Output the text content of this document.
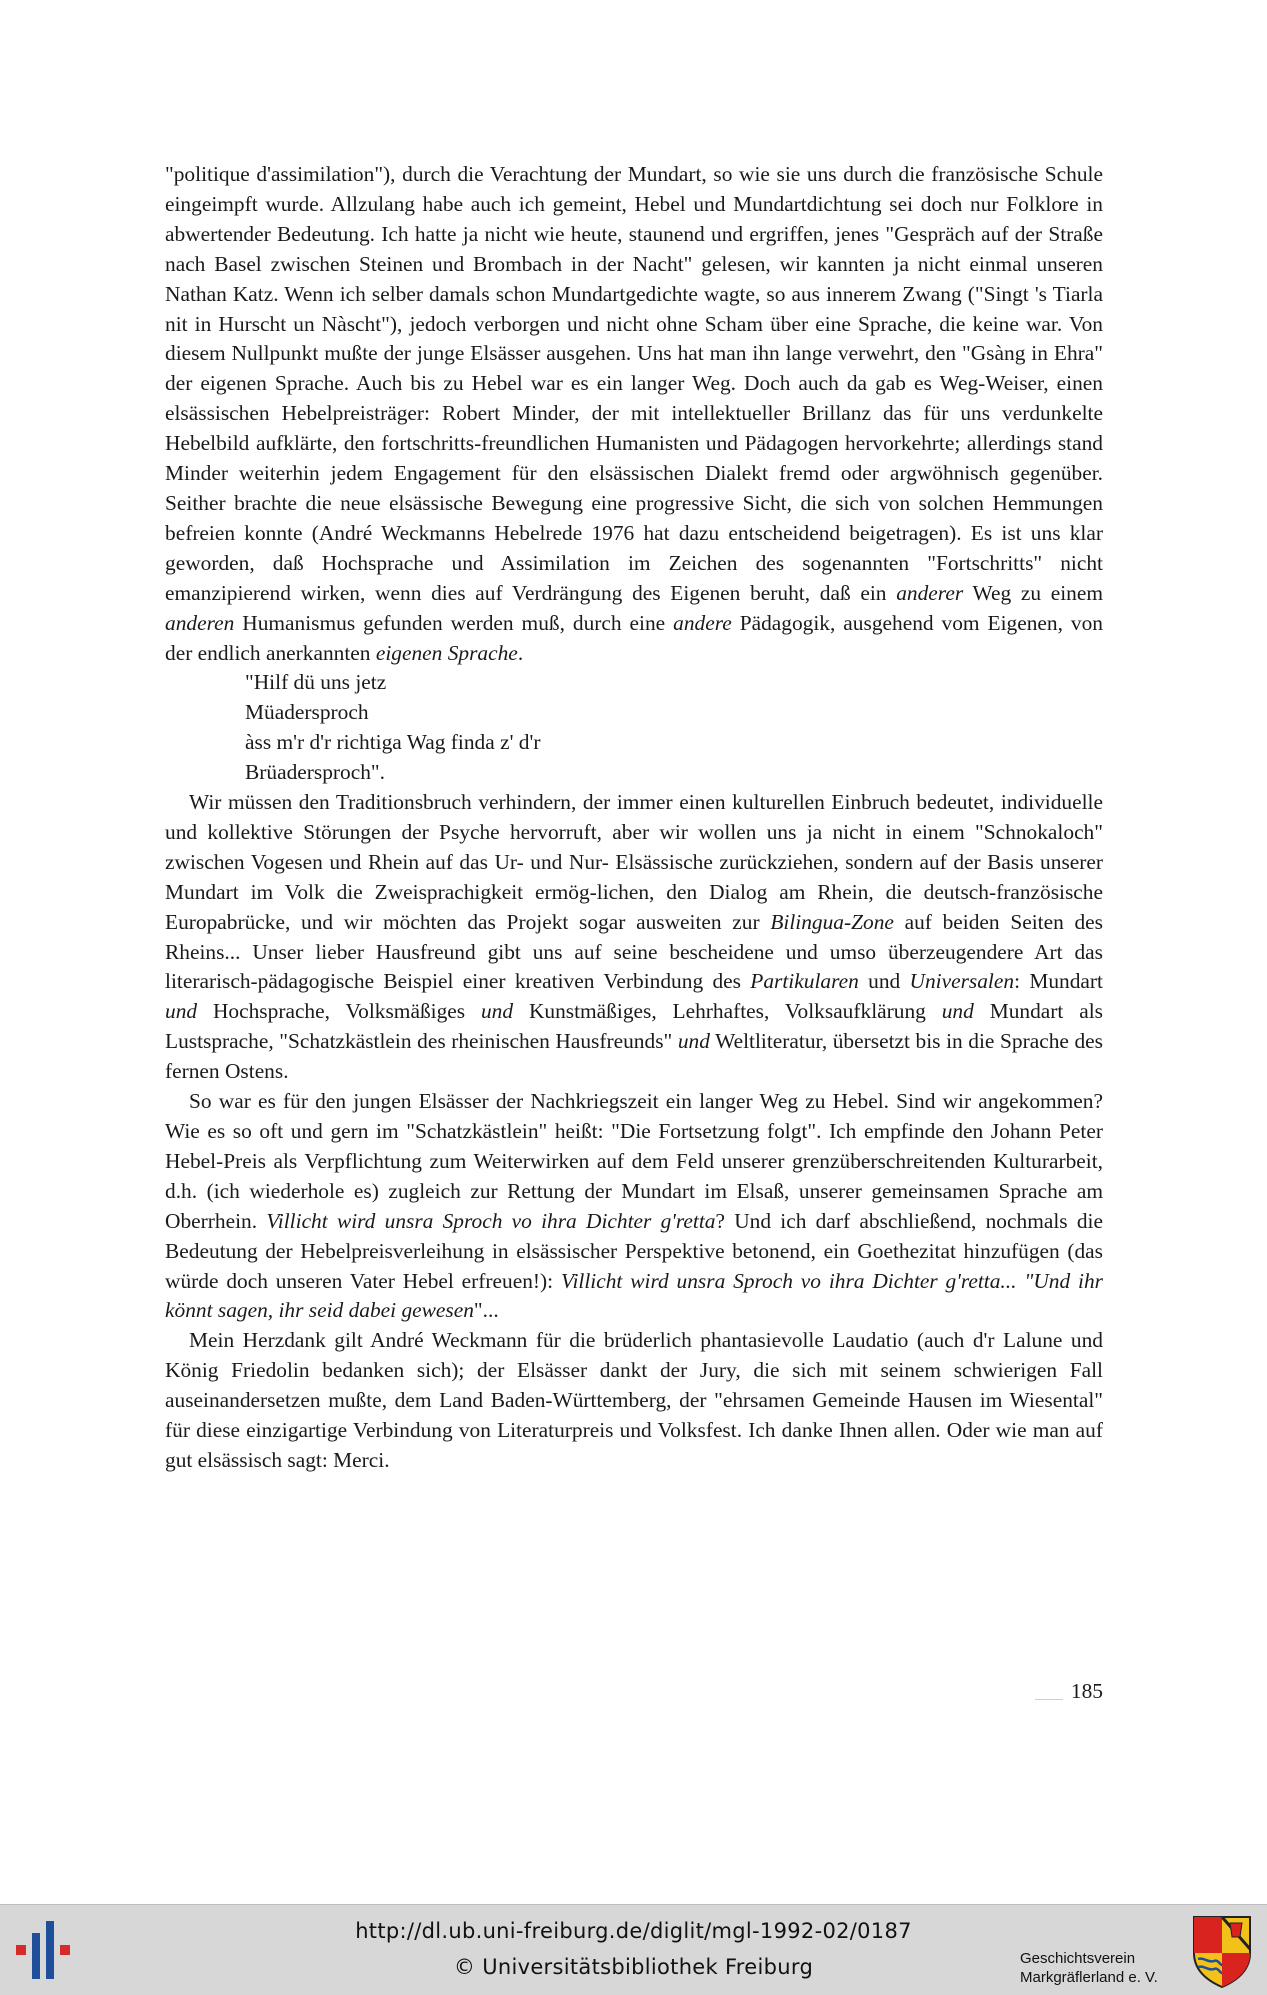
"politique d'assimilation"), durch die Verachtung der Mundart, so wie sie uns durch die französische Schule eingeimpft wurde. Allzulang habe auch ich gemeint, Hebel und Mundartdichtung sei doch nur Folklore in abwertender Bedeutung. Ich hatte ja nicht wie heute, staunend und ergriffen, jenes "Gespräch auf der Straße nach Basel zwischen Steinen und Brombach in der Nacht" gelesen, wir kannten ja nicht einmal unseren Nathan Katz. Wenn ich selber damals schon Mundartgedichte wagte, so aus innerem Zwang ("Singt 's Tiarla nit in Hurscht un Nàscht"), jedoch verborgen und nicht ohne Scham über eine Sprache, die keine war. Von diesem Nullpunkt mußte der junge Elsässer ausgehen. Uns hat man ihn lange verwehrt, den "Gsàng in Ehra" der eigenen Sprache. Auch bis zu Hebel war es ein langer Weg. Doch auch da gab es Weg-Weiser, einen elsässischen Hebelpreisträger: Robert Minder, der mit intellektueller Brillanz das für uns verdunkelte Hebelbild aufklärte, den fortschritts-freundlichen Humanisten und Pädagogen hervorkehrte; allerdings stand Minder weiterhin jedem Engagement für den elsässischen Dialekt fremd oder argwöhnisch gegenüber. Seither brachte die neue elsässische Bewegung eine progressive Sicht, die sich von solchen Hemmungen befreien konnte (André Weckmanns Hebelrede 1976 hat dazu entscheidend beigetragen). Es ist uns klar geworden, daß Hochsprache und Assimilation im Zeichen des sogenannten "Fortschritts" nicht emanzipierend wirken, wenn dies auf Verdrängung des Eigenen beruht, daß ein anderer Weg zu einem anderen Humanismus gefunden werden muß, durch eine andere Pädagogik, ausgehend vom Eigenen, von der endlich anerkannten eigenen Sprache.

"Hilf dü uns jetz
Müadersproch
àss m'r d'r richtiga Wag finda z' d'r
Brüadersproch".

Wir müssen den Traditionsbruch verhindern, der immer einen kulturellen Einbruch bedeutet, individuelle und kollektive Störungen der Psyche hervorruft, aber wir wollen uns ja nicht in einem "Schnokaloch" zwischen Vogesen und Rhein auf das Ur- und Nur- Elsässische zurückziehen, sondern auf der Basis unserer Mundart im Volk die Zweisprachigkeit ermög-lichen, den Dialog am Rhein, die deutsch-französische Europabrücke, und wir möchten das Projekt sogar ausweiten zur Bilingua-Zone auf beiden Seiten des Rheins... Unser lieber Hausfreund gibt uns auf seine bescheidene und umso überzeugendere Art das literarisch-pädagogische Beispiel einer kreativen Verbindung des Partikularen und Universalen: Mundart und Hochsprache, Volksmäßiges und Kunstmäßiges, Lehrhaftes, Volksaufklärung und Mundart als Lustsprache, "Schatzkästlein des rheinischen Hausfreunds" und Weltliteratur, übersetzt bis in die Sprache des fernen Ostens.

So war es für den jungen Elsässer der Nachkriegszeit ein langer Weg zu Hebel. Sind wir angekommen? Wie es so oft und gern im "Schatzkästlein" heißt: "Die Fortsetzung folgt". Ich empfinde den Johann Peter Hebel-Preis als Verpflichtung zum Weiterwirken auf dem Feld unserer grenzüberschreitenden Kulturarbeit, d.h. (ich wiederhole es) zugleich zur Rettung der Mundart im Elsaß, unserer gemeinsamen Sprache am Oberrhein. Villicht wird unsra Sproch vo ihra Dichter g'retta? Und ich darf abschließend, nochmals die Bedeutung der Hebelpreisverleihung in elsässischer Perspektive betonend, ein Goethezitat hinzufügen (das würde doch unseren Vater Hebel erfreuen!): Villicht wird unsra Sproch vo ihra Dichter g'retta... "Und ihr könnt sagen, ihr seid dabei gewesen"...

Mein Herzdank gilt André Weckmann für die brüderlich phantasievolle Laudatio (auch d'r Lalune und König Friedolin bedanken sich); der Elsässer dankt der Jury, die sich mit seinem schwierigen Fall auseinandersetzen mußte, dem Land Baden-Württemberg, der "ehrsamen Gemeinde Hausen im Wiesental" für diese einzigartige Verbindung von Literaturpreis und Volksfest. Ich danke Ihnen allen. Oder wie man auf gut elsässisch sagt: Merci.

185
http://dl.ub.uni-freiburg.de/diglit/mgl-1992-02/0187
© Universitätsbibliothek Freiburg	Geschichtsverein
Markgräflerland e. V.
